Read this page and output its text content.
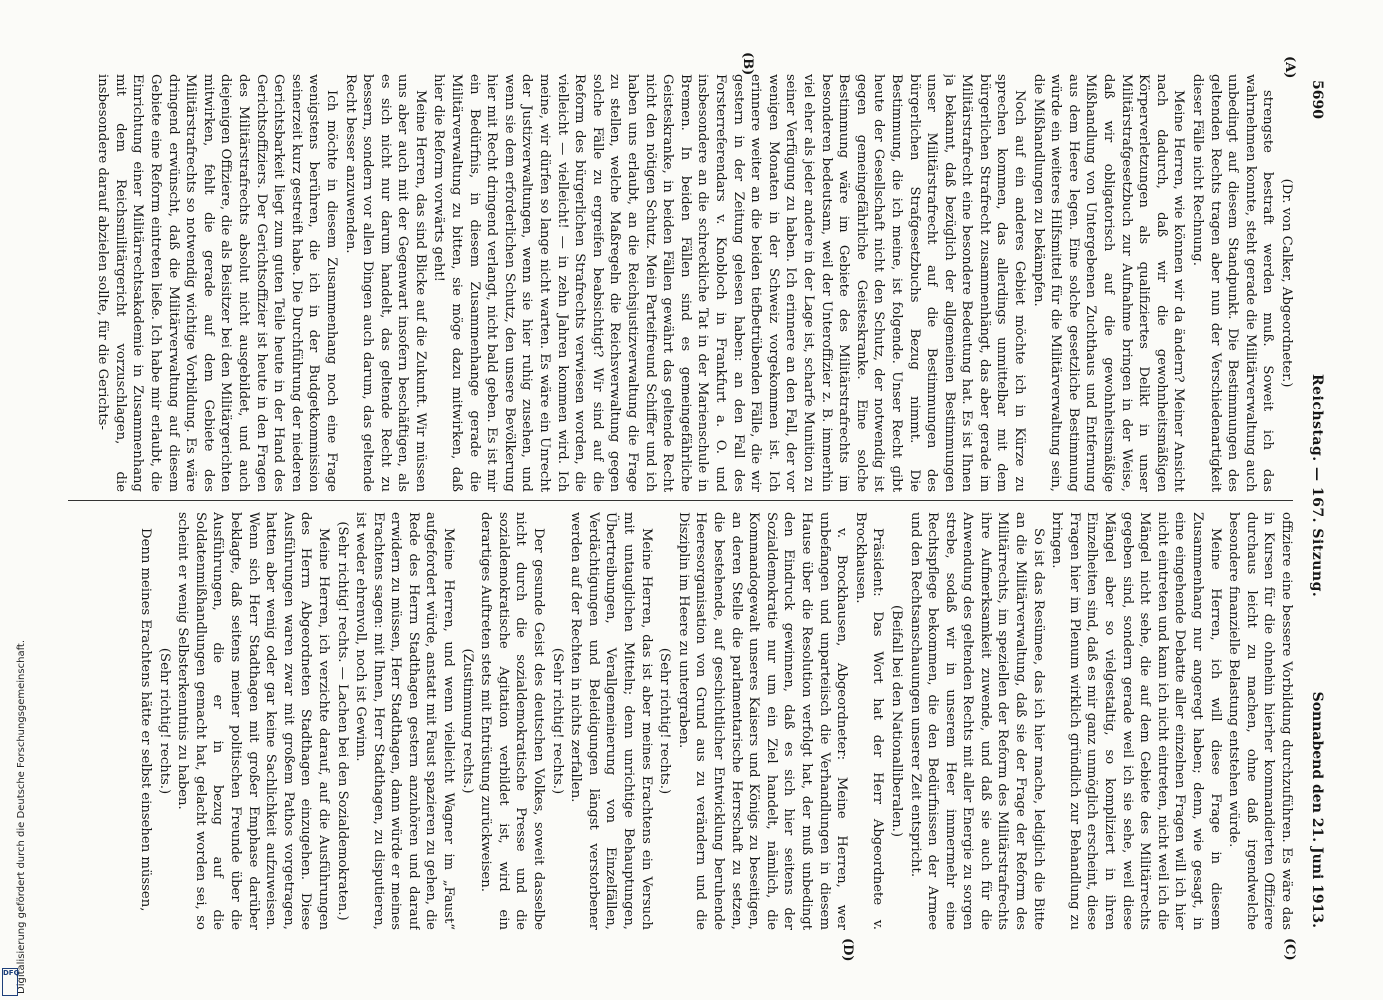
5690
Reichstag. — 167. Sitzung.
Sonnabend den 21. Juni 1913.
(A)
(B)
(C)
(D)

(Dr. von Calker, Abgeordneter.)

strengste bestraft werden muß. Soweit ich das wahrnehmen konnte, steht gerade die Militärverwaltung auch unbedingt auf diesem Standpunkt. Die Bestimmungen des geltenden Rechts tragen aber nun der Verschiedenartigkeit dieser Fälle nicht Rechnung.

Meine Herren, wie können wir da ändern? Meiner Ansicht nach dadurch, daß wir die gewohnheitsmäßigen Körperverletzungen als qualifiziertes Delikt in unser Militärstrafgesetzbuch zur Aufnahme bringen in der Weise, daß wir obligatorisch auf die gewohnheitsmäßige Mißhandlung von Untergebenen Zuchthaus und Entfernung aus dem Heere legen. Eine solche gesetzliche Bestimmung würde ein weiteres Hilfsmittel für die Militärverwaltung sein, die Mißhandlungen zu bekämpfen.

Noch auf ein anderes Gebiet möchte ich in Kürze zu sprechen kommen, das allerdings unmittelbar mit dem bürgerlichen Strafrecht zusammenhängt, das aber gerade im Militärstrafrecht eine besondere Bedeutung hat. Es ist Ihnen ja bekannt, daß bezüglich der allgemeinen Bestimmungen unser Militärstrafrecht auf die Bestimmungen des bürgerlichen Strafgesetzbuchs Bezug nimmt. Die Bestimmung, die ich meine, ist folgende. Unser Recht gibt heute der Gesellschaft nicht den Schutz, der notwendig ist gegen gemeingefährliche Geisteskranke. Eine solche Bestimmung wäre im Gebiete des Militärstrafrechts im besonderen bedeutsam, weil der Unteroffizier z. B. immerhin viel eher als jeder andere in der Lage ist, scharfe Munition zu seiner Verfügung zu haben. Ich erinnere an den Fall, der vor wenigen Monaten in der Schweiz vorgekommen ist. Ich erinnere weiter an die beiden tiefbetrübenden Fälle, die wir gestern in der Zeitung gelesen haben: an den Fall des Forsterreferendars v. Knobloch in Frankfurt a. O. und insbesondere an die schreckliche Tat in der Marienschule in Bremen. In beiden Fällen sind es gemeingefährliche Geisteskranke, in beiden Fällen gewährt das geltende Recht nicht den nötigen Schutz. Mein Parteifreund Schiffer und ich haben uns erlaubt, an die Reichsjustizverwaltung die Frage zu stellen, welche Maßregeln die Reichsverwaltung gegen solche Fälle zu ergreifen beabsichtigt? Wir sind auf die Reform des bürgerlichen Strafrechts verwiesen worden, die vielleicht — vielleicht! — in zehn Jahren kommen wird. Ich meine, wir dürfen so lange nicht warten. Es wäre ein Unrecht der Justizverwaltungen, wenn sie hier ruhig zusehen, und wenn sie dem erforderlichen Schutz, den unsere Bevölkerung hier mit Recht dringend verlangt, nicht bald geben. Es ist mir ein Bedürfnis, in diesem Zusammenhange gerade die Militärverwaltung zu bitten, sie möge dazu mitwirken, daß hier die Reform vorwärts geht!

Meine Herren, das sind Blicke auf die Zukunft. Wir müssen uns aber auch mit der Gegenwart insofern beschäftigen, als es sich nicht nur darum handelt, das geltende Recht zu bessern, sondern vor allen Dingen auch darum, das geltende Recht besser anzuwenden.

Ich möchte in diesem Zusammenhang noch eine Frage wenigstens berühren, die ich in der Budgetkommission seinerzeit kurz gestreift habe. Die Durchführung der niederen Gerichtsbarkeit liegt zum guten Teile heute in der Hand des Gerichtsoffiziers. Der Gerichtsoffizier ist heute in den Fragen des Militärstrafrechts absolut nicht ausgebildet, und auch diejenigen Offiziere, die als Beisitzer bei den Militärgerichten mitwirken, fehlt die gerade auf dem Gebiete des Militärstrafrechts so notwendig wichtige Vorbildung. Es wäre dringend erwünscht, daß die Militärverwaltung auf diesem Gebiete eine Reform eintreten ließe. Ich habe mir erlaubt, die Einrichtung einer Militärrechtsakademie in Zusammenhang mit dem Reichsmilitärgericht vorzuschlagen, die insbesondere darauf abzielen sollte, für die Gerichts-

offiziere eine bessere Vorbildung durchzuführen. Es wäre das in Kursen für die ohnehin hierher kommandierten Offiziere durchaus leicht zu machen, ohne daß irgendwelche besondere finanzielle Belastung entstehen würde.

Meine Herren, ich will diese Frage in diesem Zusammenhang nur angeregt haben; denn, wie gesagt, in eine eingehende Debatte aller einzelnen Fragen will ich hier nicht eintreten und kann ich nicht eintreten, nicht weil ich die Mängel nicht sehe, die auf dem Gebiete des Militärrechts gegeben sind, sondern gerade weil ich sie sehe, weil diese Mängel aber so vielgestaltig, so kompliziert in ihren Einzelheiten sind, daß es mir ganz unmöglich erscheint, diese Fragen hier im Plenum wirklich gründlich zur Behandlung zu bringen.

So ist das Resümee, das ich hier mache, lediglich die Bitte an die Militärverwaltung, daß sie der Frage der Reform des Militärrechts, im speziellen der Reform des Militärstrafrechts ihre Aufmerksamkeit zuwende, und daß sie auch für die Anwendung des geltenden Rechts mit aller Energie zu sorgen strebe, sodaß wir in unserem Heer immermehr eine Rechtspflege bekommen, die den Bedürfnissen der Armee und den Rechtsanschauungen unserer Zeit entspricht.

(Beifall bei den Nationalliberalen.)

Präsident: Das Wort hat der Herr Abgeordnete v. Brockhausen.

v. Brockhausen, Abgeordneter: Meine Herren, wer unbefangen und unparteiisch die Verhandlungen in diesem Hause über die Resolution verfolgt hat, der muß unbedingt den Eindruck gewinnen, daß es sich hier seitens der Sozialdemokratie nur um ein Ziel handelt, nämlich, die Kommandogewalt unseres Kaisers und Königs zu beseitigen, an deren Stelle die parlamentarische Herrschaft zu setzen, die bestehende, auf geschichtlicher Entwicklung beruhende Heeresorganisation von Grund aus zu verändern und die Disziplin im Heere zu untergraben.

(Sehr richtig! rechts.)

Meine Herren, das ist aber meines Erachtens ein Versuch mit untauglichen Mitteln; denn unrichtige Behauptungen, Übertreibungen, Verallgemeinerung von Einzelfällen, Verdächtigungen und Beleidigungen längst verstorbener werden auf der Rechten in nichts zerfallen.

(Sehr richtig! rechts.)

Der gesunde Geist des deutschen Volkes, soweit dasselbe nicht durch die sozialdemokratische Presse und die sozialdemokratische Agitation verbildet ist, wird ein derartiges Auftreten stets mit Entrüstung zurückweisen.

(Zustimmung rechts.)

Meine Herren, und wenn vielleicht Wagner im „Faust“ aufgefordert würde, anstatt mit Faust spazieren zu gehen, die Rede des Herrn Stadthagen gestern anzuhören und darauf erwidern zu müssen, Herr Stadthagen, dann würde er meines Erachtens sagen: mit Ihnen, Herr Stadthagen, zu disputieren, ist weder ehrenvoll, noch ist Gewinn.

(Sehr richtig! rechts. — Lachen bei den Sozialdemokraten.)

Meine Herren, ich verzichte darauf, auf die Ausführungen des Herrn Abgeordneten Stadthagen einzugehen. Diese Ausführungen waren zwar mit großem Pathos vorgetragen, hatten aber wenig oder gar keine Sachlichkeit aufzuweisen. Wenn sich Herr Stadthagen mit großer Emphase darüber beklagte, daß seitens meiner politischen Freunde über die Ausführungen, die er in bezug auf die Soldatenmißhandlungen gemacht hat, gelacht worden sei, so scheint er wenig Selbsterkenntnis zu haben.

(Sehr richtig! rechts.)

Denn meines Erachtens hätte er selbst einsehen müssen,

Digitalisierung gefördert durch die Deutsche Forschungsgemeinschaft.
DFG
